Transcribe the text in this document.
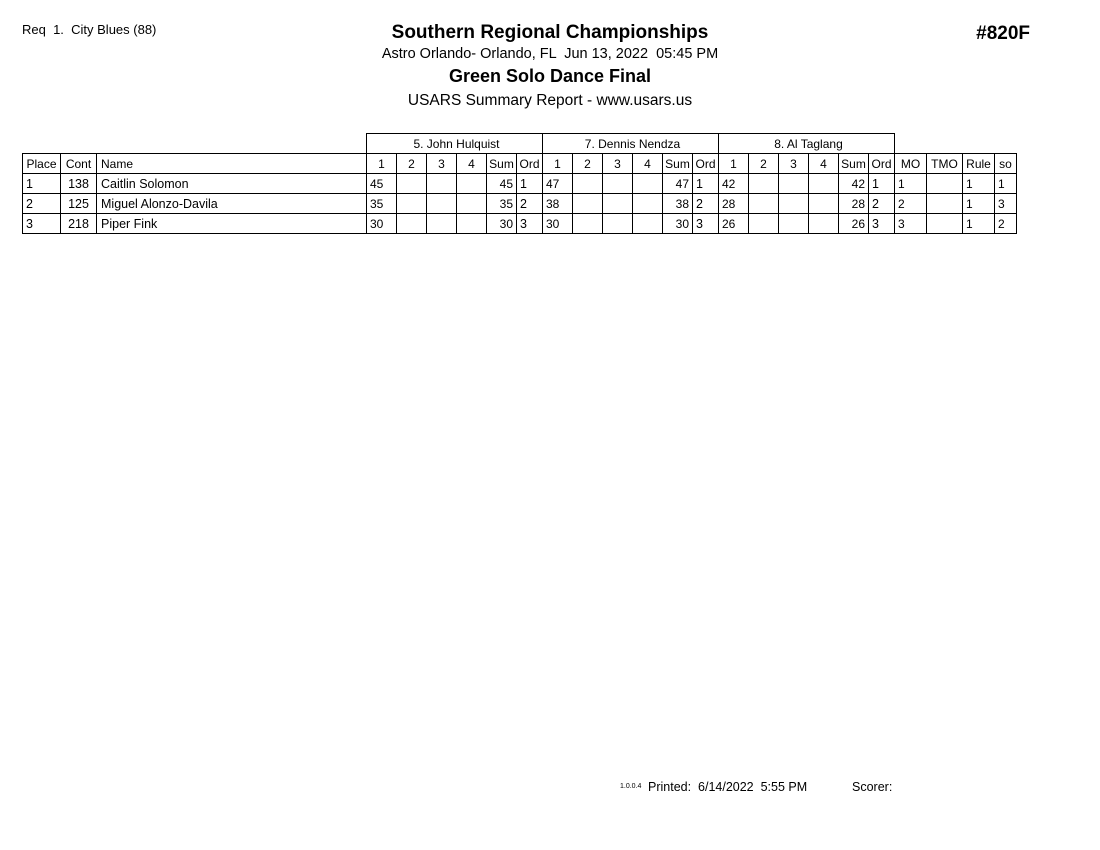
Req  1.  City Blues (88)	#820F
Southern Regional Championships
Astro Orlando- Orlando, FL  Jun 13, 2022  05:45 PM
Green Solo Dance Final
USARS Summary Report - www.usars.us
			5. John Hulquist						7. Dennis Nendza						8. Al Taglang									
Place	Cont	Name	1	2	3	4	Sum	Ord	1	2	3	4	Sum	Ord	1	2	3	4	Sum	Ord	MO	TMO	Rule	so
1	138	Caitlin Solomon	45				45	1	47				47	1	42				42	1	1		1	1
2	125	Miguel Alonzo-Davila	35				35	2	38				38	2	28				28	2	2		1	3
3	218	Piper Fink	30				30	3	30				30	3	26				26	3	3		1	2
1.0.0.4 Printed:  6/14/2022  5:55 PM	Scorer:
